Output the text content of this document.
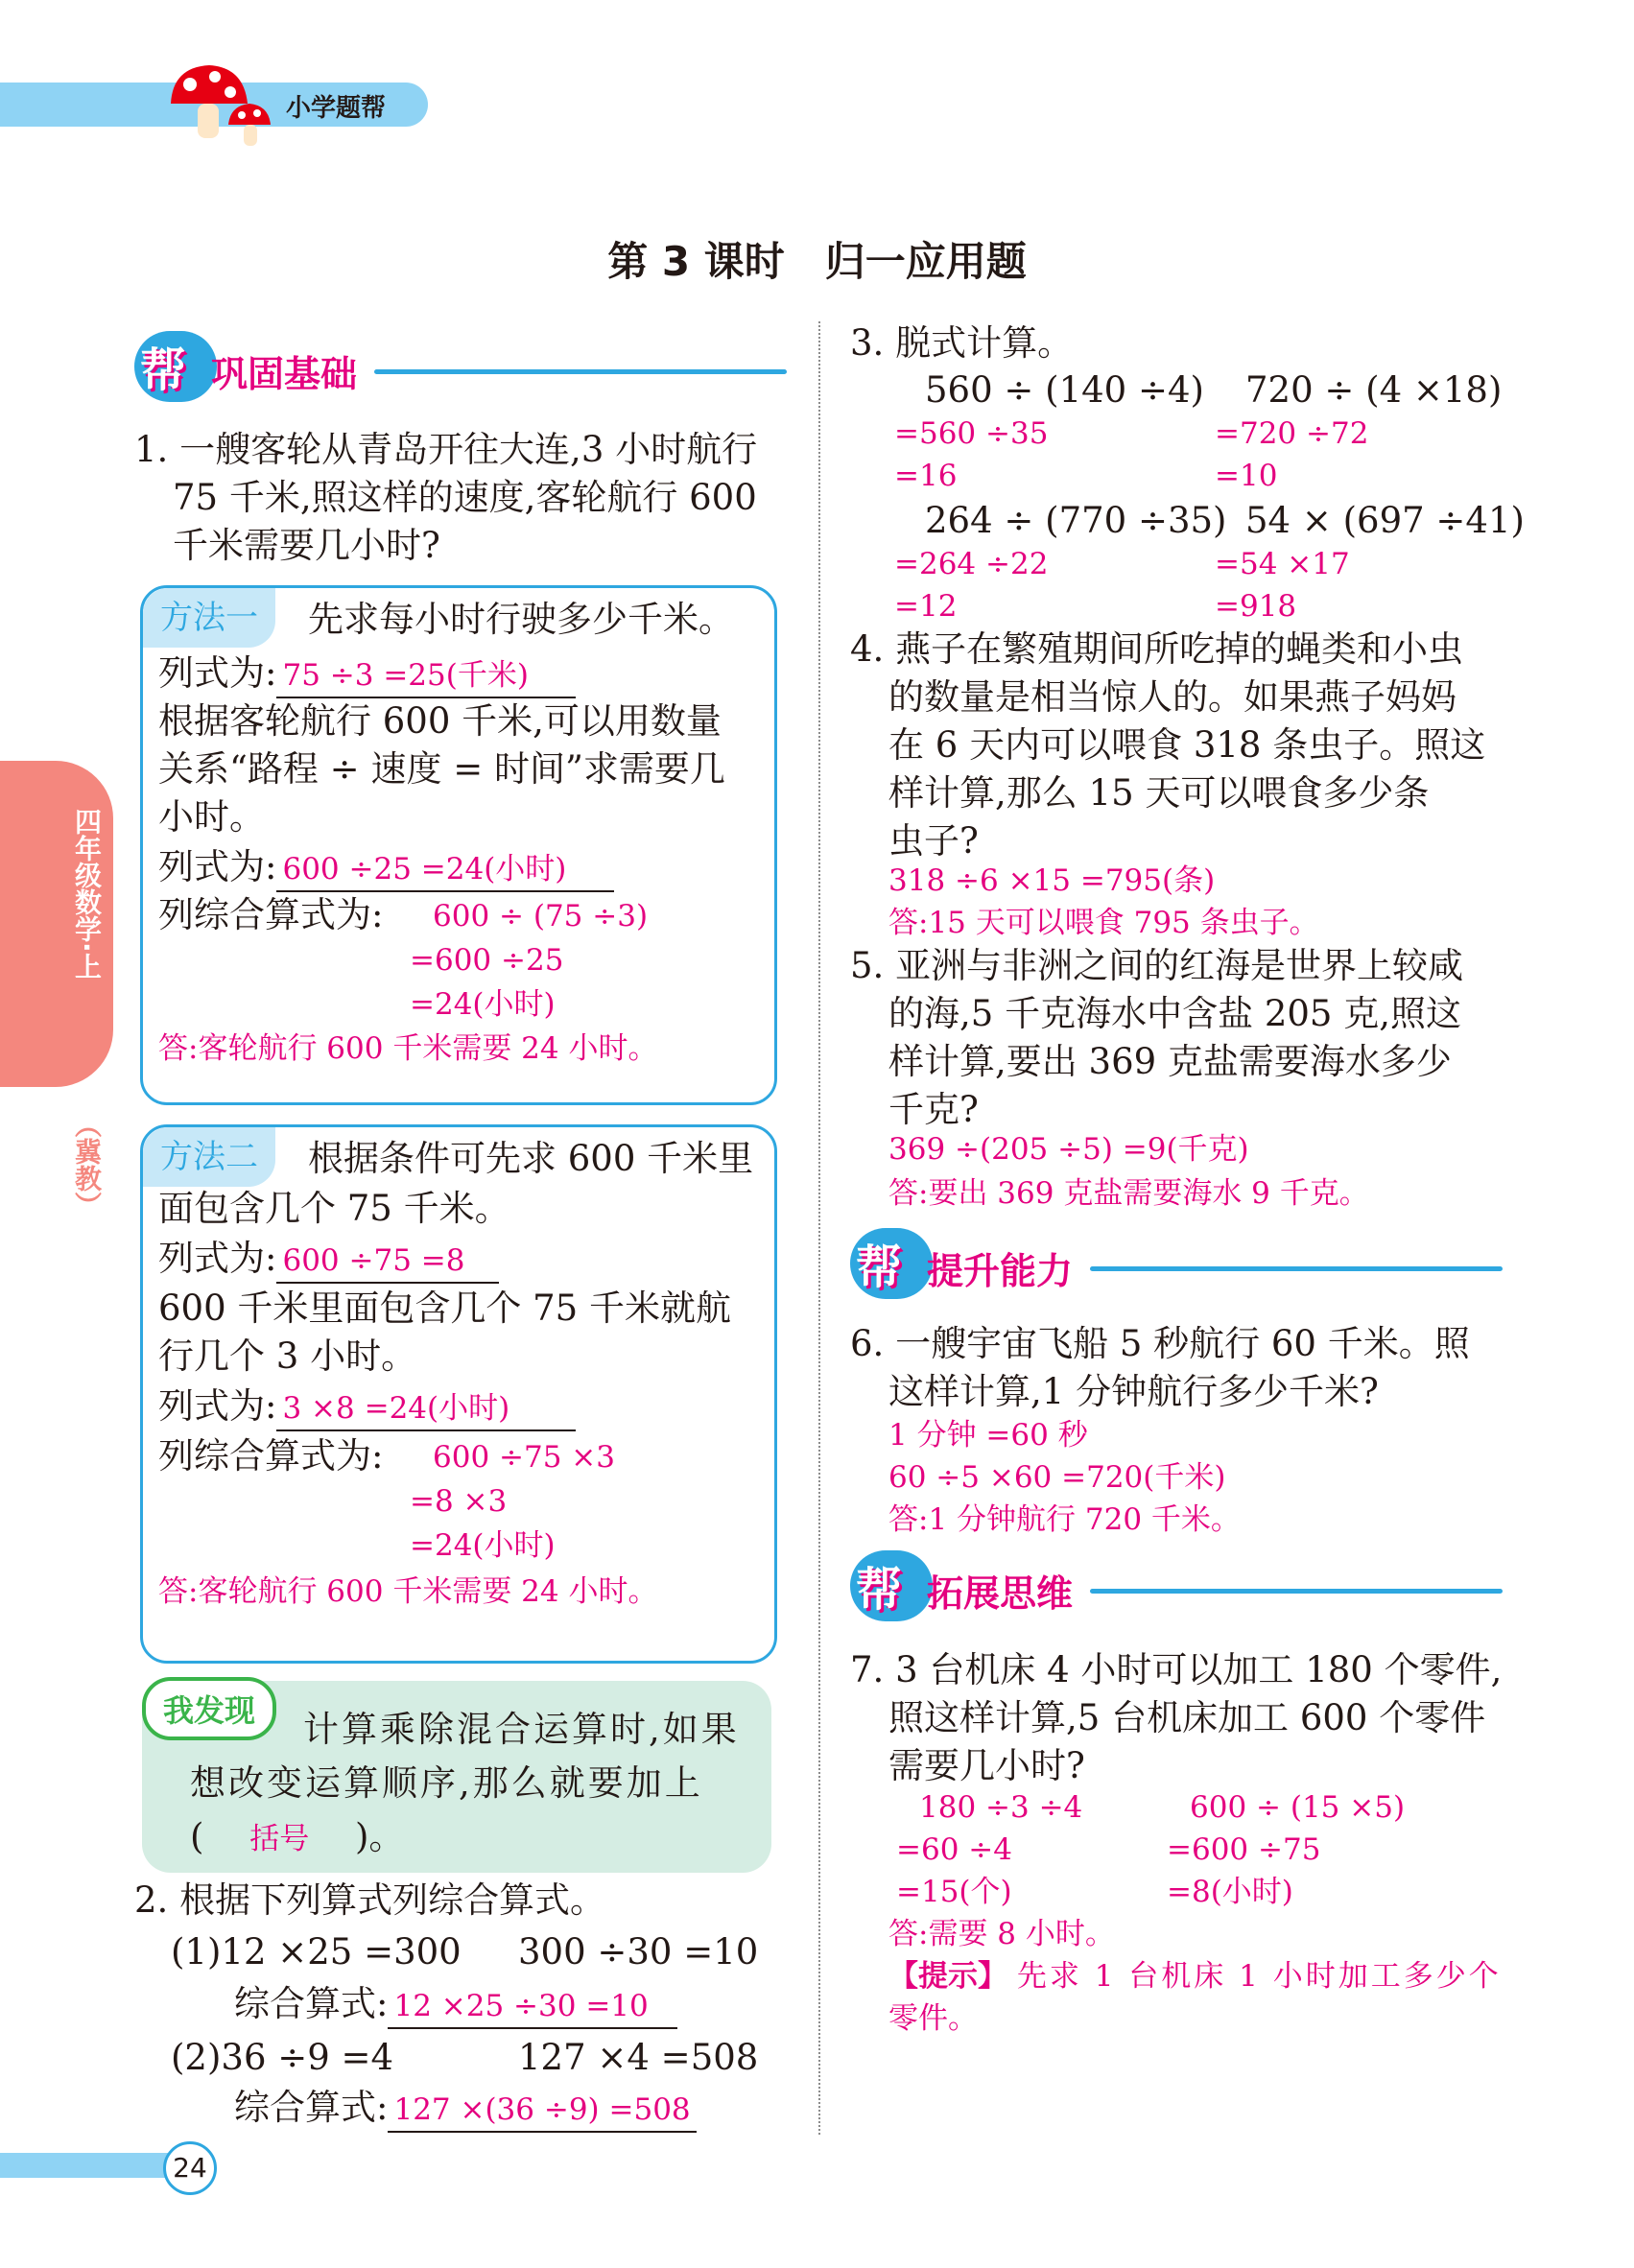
小学题帮
第 3 课时　归一应用题
四年级数学·上
（冀教）
帮 巩固基础
1. 一艘客轮从青岛开往大连,3 小时航行
75 千米,照这样的速度,客轮航行 600
千米需要几小时?
方法一	先求每小时行驶多少千米。
列式为: 75 ÷3 =25(千米)
根据客轮航行 600 千米,可以用数量
关系“路程 ÷ 速度 = 时间”求需要几
小时。
列式为: 600 ÷25 =24(小时)
列综合算式为: 600 ÷ (75 ÷3)
=600 ÷25
=24(小时)
答:客轮航行 600 千米需要 24 小时。
方法二	根据条件可先求 600 千米里
面包含几个 75 千米。
列式为: 600 ÷75 =8
600 千米里面包含几个 75 千米就航
行几个 3 小时。
列式为: 3 ×8 =24(小时)
列综合算式为: 600 ÷75 ×3
=8 ×3
=24(小时)
答:客轮航行 600 千米需要 24 小时。
我发现	计算乘除混合运算时,如果
想改变运算顺序,那么就要加上
( 括号 )。
2. 根据下列算式列综合算式。
(1)12 ×25 =300 300 ÷30 =10
综合算式: 12 ×25 ÷30 =10
(2)36 ÷9 =4	127 ×4 =508
综合算式: 127 ×(36 ÷9) =508
3. 脱式计算。
560 ÷ (140 ÷4)
=560 ÷35
=16
720 ÷ (4 ×18)
=720 ÷72
=10
264 ÷ (770 ÷35)
=264 ÷22
=12
54 × (697 ÷41)
=54 ×17
=918
4. 燕子在繁殖期间所吃掉的蝇类和小虫
的数量是相当惊人的。如果燕子妈妈
在 6 天内可以喂食 318 条虫子。照这
样计算,那么 15 天可以喂食多少条
虫子?
318 ÷6 ×15 =795(条)
答:15 天可以喂食 795 条虫子。
5. 亚洲与非洲之间的红海是世界上较咸
的海,5 千克海水中含盐 205 克,照这
样计算,要出 369 克盐需要海水多少
千克?
369 ÷(205 ÷5) =9(千克)
答:要出 369 克盐需要海水 9 千克。
帮 提升能力
6. 一艘宇宙飞船 5 秒航行 60 千米。照
这样计算,1 分钟航行多少千米?
1 分钟 =60 秒
60 ÷5 ×60 =720(千米)
答:1 分钟航行 720 千米。
帮 拓展思维
7. 3 台机床 4 小时可以加工 180 个零件,
照这样计算,5 台机床加工 600 个零件
需要几小时?
180 ÷3 ÷4
=60 ÷4
=15(个)
600 ÷ (15 ×5)
=600 ÷75
=8(小时)
答:需要 8 小时。
【提示】 先求 1 台机床 1 小时加工多少个
零件。
24
